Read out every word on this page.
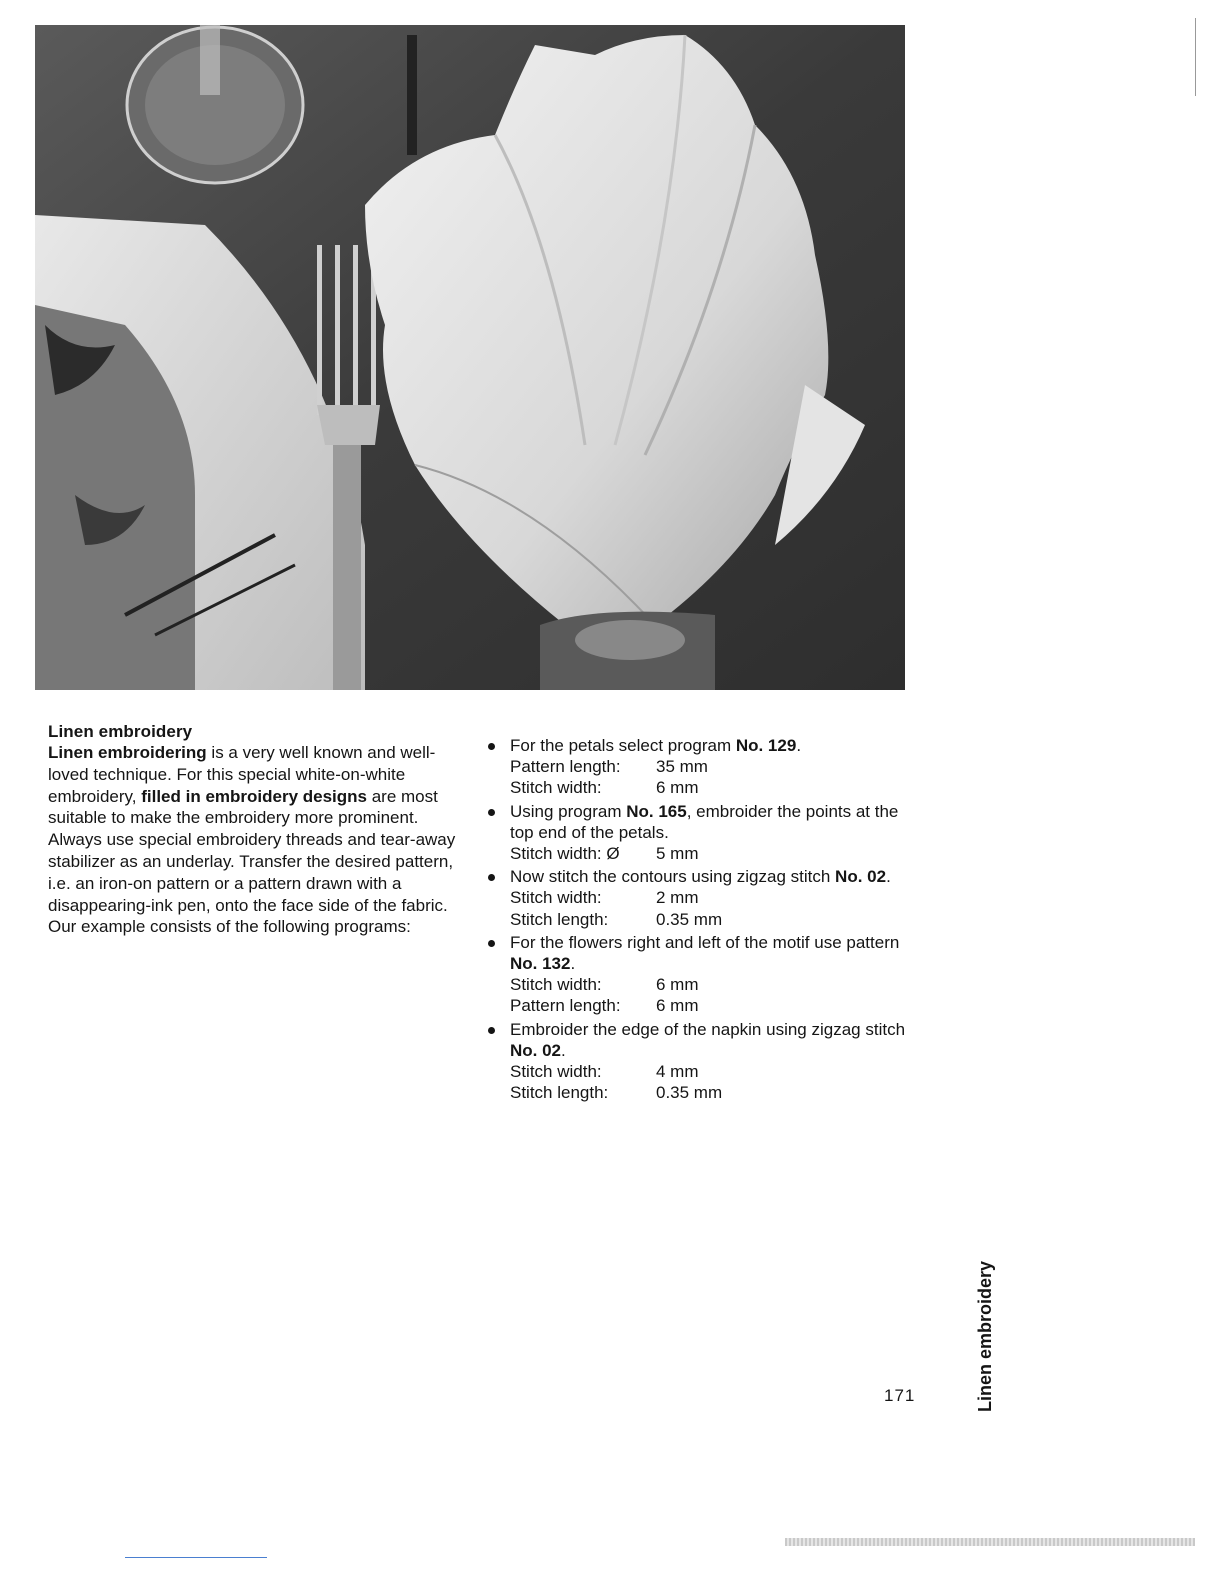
Linen embroidery

Linen embroidering is a very well known and well-loved technique. For this special white-on-white embroidery, filled in embroidery designs are most suitable to make the embroidery more prominent. Always use special embroidery threads and tear-away stabilizer as an underlay. Transfer the desired pattern, i.e. an iron-on pattern or a pattern drawn with a disappearing-ink pen, onto the face side of the fabric. Our example consists of the following programs:

For the petals select program No. 129.
Pattern length:	35 mm
Stitch width:	6 mm
Using program No. 165, embroider the points at the top end of the petals.
Stitch width: Ø	5 mm
Now stitch the contours using zigzag stitch No. 02.
Stitch width:	2 mm
Stitch length:	0.35 mm
For the flowers right and left of the motif use pattern No. 132.
Stitch width:	6 mm
Pattern length:	6 mm
Embroider the edge of the napkin using zigzag stitch No. 02.
Stitch width:	4 mm
Stitch length:	0.35 mm
171	Linen embroidery
